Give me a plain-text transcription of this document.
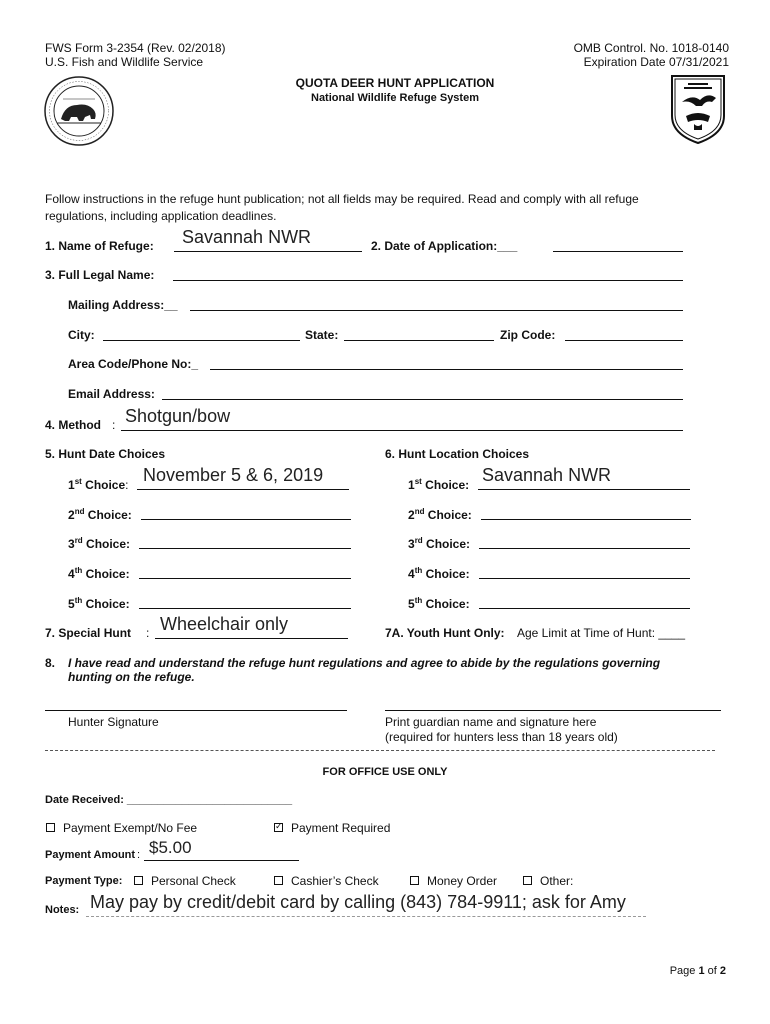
FWS Form 3-2354 (Rev. 02/2018)
U.S. Fish and Wildlife Service
OMB Control. No. 1018-0140
Expiration Date 07/31/2021
QUOTA DEER HUNT APPLICATION
National Wildlife Refuge System
Follow instructions in the refuge hunt publication; not all fields may be required. Read and comply with all refuge
regulations, including application deadlines.
1. Name of Refuge: Savannah NWR	2. Date of Application:___
3. Full Legal Name:
Mailing Address:__
City:	State:	Zip Code:
Area Code/Phone No:_
Email Address:
4. Method : Shotgun/bow
5. Hunt Date Choices	6. Hunt Location Choices
1st Choice: November 5 & 6, 2019
2nd Choice:
3rd Choice:
4th Choice:
5th Choice:
1st Choice: Savannah NWR
2nd Choice:
3rd Choice:
4th Choice:
5th Choice:
7. Special Hunt : Wheelchair only	7A. Youth Hunt Only: Age Limit at Time of Hunt: ____
8. I have read and understand the refuge hunt regulations and agree to abide by the regulations governing
hunting on the refuge.
Hunter Signature	Print guardian name and signature here
(required for hunters less than 18 years old)
FOR OFFICE USE ONLY
Date Received: ___________________________
Payment Exempt/No Fee
✓	Payment Required
Payment Amount : $5.00
Payment Type: Personal Check	Cashier’s Check	Money Order	Other:
Notes: May pay by credit/debit card by calling (843) 784-9911; ask for Amy
Page 1 of 2
